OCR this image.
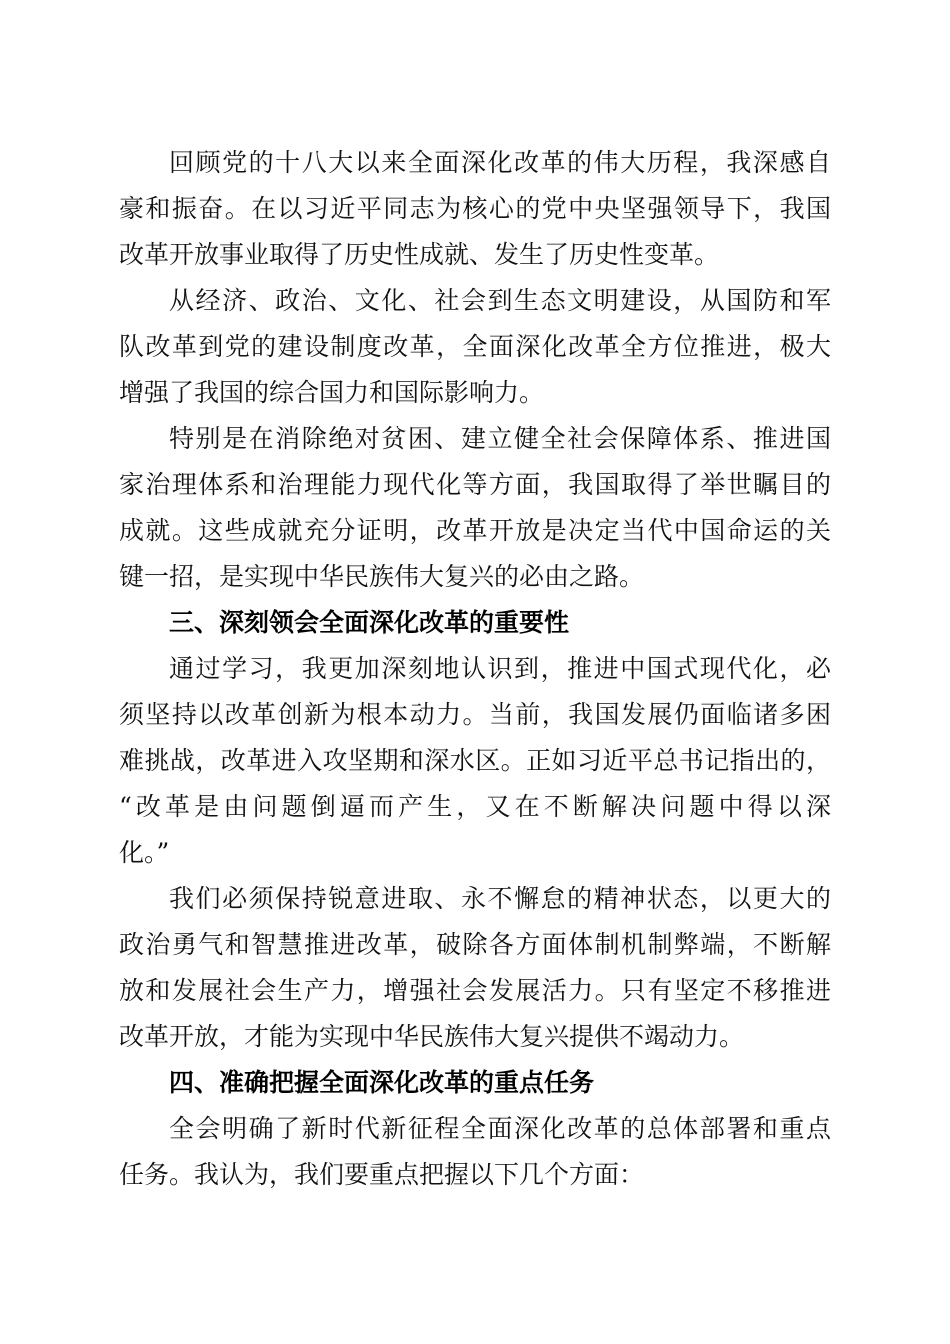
回顾党的十八大以来全面深化改革的伟大历程，我深感自
豪和振奋。在以习近平同志为核心的党中央坚强领导下，我国
改革开放事业取得了历史性成就、发生了历史性变革。
从经济、政治、文化、社会到生态文明建设，从国防和军
队改革到党的建设制度改革，全面深化改革全方位推进，极大
增强了我国的综合国力和国际影响力。
特别是在消除绝对贫困、建立健全社会保障体系、推进国
家治理体系和治理能力现代化等方面，我国取得了举世瞩目的
成就。这些成就充分证明，改革开放是决定当代中国命运的关
键一招，是实现中华民族伟大复兴的必由之路。
三、深刻领会全面深化改革的重要性
通过学习，我更加深刻地认识到，推进中国式现代化，必
须坚持以改革创新为根本动力。当前，我国发展仍面临诸多困
难挑战，改革进入攻坚期和深水区。正如习近平总书记指出的，
“改革是由问题倒逼而产生，又在不断解决问题中得以深
化。”
我们必须保持锐意进取、永不懈怠的精神状态，以更大的
政治勇气和智慧推进改革，破除各方面体制机制弊端，不断解
放和发展社会生产力，增强社会发展活力。只有坚定不移推进
改革开放，才能为实现中华民族伟大复兴提供不竭动力。
四、准确把握全面深化改革的重点任务
全会明确了新时代新征程全面深化改革的总体部署和重点
任务。我认为，我们要重点把握以下几个方面：
